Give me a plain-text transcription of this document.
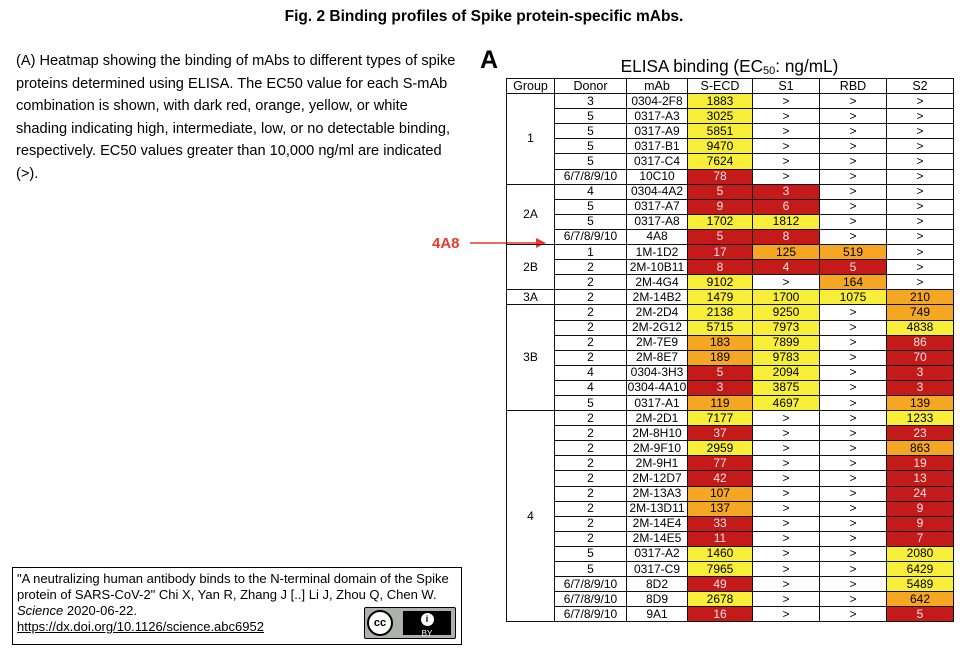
Fig. 2 Binding profiles of Spike protein-specific mAbs.
(A) Heatmap showing the binding of mAbs to different types of spike proteins determined using ELISA. The EC50 value for each S-mAb combination is shown, with dark red, orange, yellow, or white shading indicating high, intermediate, low, or no detectable binding, respectively. EC50 values greater than 10,000 ng/ml are indicated (>).
A	ELISA binding ($EC_{50}$: ng/mL)
4A8
Group	Donor	mAb	S-ECD	S1	RBD	S2
1	3	0304-2F8	1883	>	>	>
	5	0317-A3	3025	>	>	>
	5	0317-A9	5851	>	>	>
	5	0317-B1	9470	>	>	>
	5	0317-C4	7624	>	>	>
	6/7/8/9/10	10C10	78	>	>	>
2A	4	0304-4A2	5	3	>	>
	5	0317-A7	9	6	>	>
	5	0317-A8	1702	1812	>	>
	6/7/8/9/10	4A8	5	8	>	>
2B	1	1M-1D2	17	125	519	>
	2	2M-10B11	8	4	5	>
	2	2M-4G4	9102	>	164	>
3A	2	2M-14B2	1479	1700	1075	210
3B	2	2M-2D4	2138	9250	>	749
	2	2M-2G12	5715	7973	>	4838
	2	2M-7E9	183	7899	>	86
	2	2M-8E7	189	9783	>	70
	4	0304-3H3	5	2094	>	3
	4	0304-4A10	3	3875	>	3
	5	0317-A1	119	4697	>	139
4	2	2M-2D1	7177	>	>	1233
	2	2M-8H10	37	>	>	23
	2	2M-9F10	2959	>	>	863
	2	2M-9H1	77	>	>	19
	2	2M-12D7	42	>	>	13
	2	2M-13A3	107	>	>	24
	2	2M-13D11	137	>	>	9
	2	2M-14E4	33	>	>	9
	2	2M-14E5	11	>	>	7
	5	0317-A2	1460	>	>	2080
	5	0317-C9	7965	>	>	6429
	6/7/8/9/10	8D2	49	>	>	5489
	6/7/8/9/10	8D9	2678	>	>	642
	6/7/8/9/10	9A1	16	>	>	5
"A neutralizing human antibody binds to the N-terminal domain of the Spike protein of SARS-CoV-2" Chi X, Yan R, Zhang J [..] Li J, Zhou Q, Chen W. Science 2020-06-22.
https://dx.doi.org/10.1126/science.abc6952	cc	i
BY
